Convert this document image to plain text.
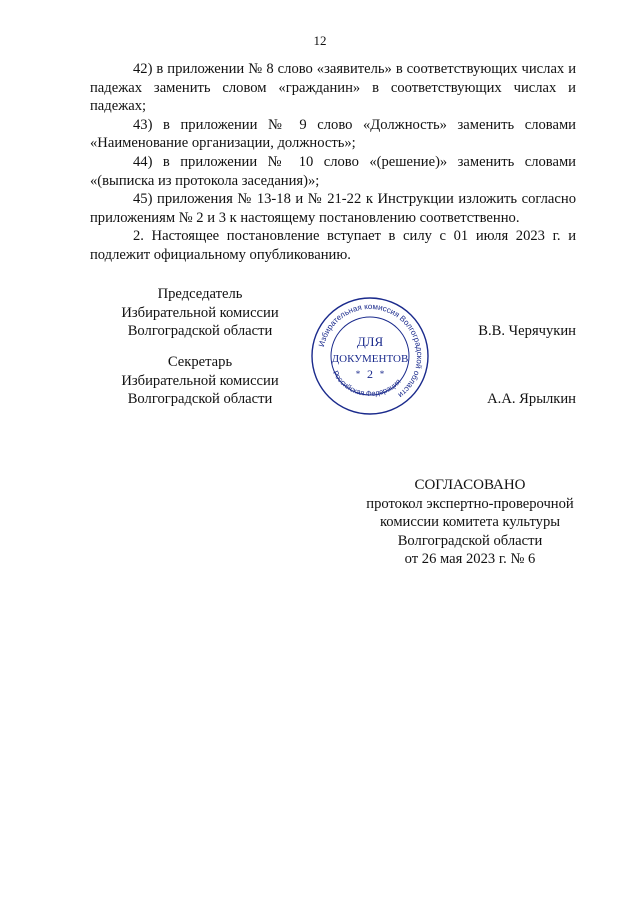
12

42) в приложении № 8 слово «заявитель» в соответствующих числах и падежах заменить словом «гражданин» в соответствующих числах и падежах;

43) в приложении № 9 слово «Должность» заменить словами «Наименование организации, должность»;

44) в приложении № 10 слово «(решение)» заменить словами «(выписка из протокола заседания)»;

45) приложения № 13-18 и № 21-22 к Инструкции изложить согласно приложениям № 2 и 3 к настоящему постановлению соответственно.

2. Настоящее постановление вступает в силу с 01 июля 2023 г. и подлежит официальному опубликованию.

Председатель
Избирательной комиссии
Волгоградской области	В.В. Черячукин
Секретарь
Избирательной комиссии
Волгоградской области	А.А. Ярылкин
Избирательная комиссия Волгоградской области
Российская Федерация
ДЛЯ
ДОКУМЕНТОВ
2
* *
СОГЛАСОВАНО
протокол экспертно-проверочной
комиссии комитета культуры
Волгоградской области
от 26 мая 2023 г. № 6
